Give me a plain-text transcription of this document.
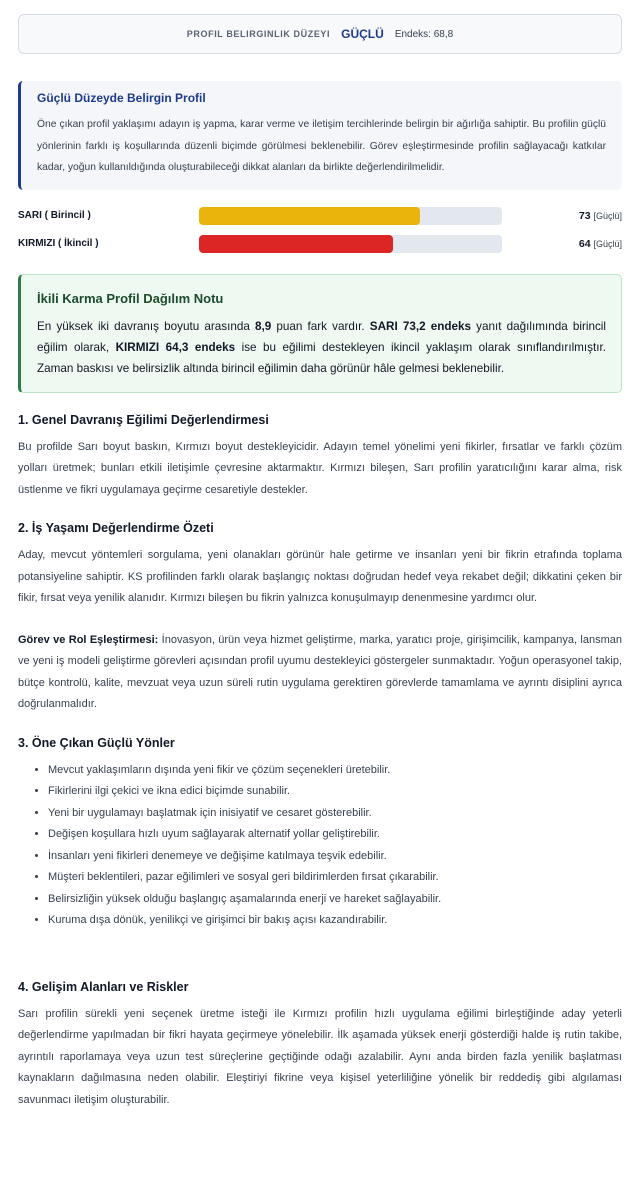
PROFIL BELIRGINLIK DÜZEYI GÜÇLÜ Endeks: 68,8
Güçlü Düzeyde Belirgin Profil

Öne çıkan profil yaklaşımı adayın iş yapma, karar verme ve iletişim tercihlerinde belirgin bir ağırlığa sahiptir. Bu profilin güçlü yönlerinin farklı iş koşullarında düzenli biçimde görülmesi beklenebilir. Görev eşleştirmesinde profilin sağlayacağı katkılar kadar, yoğun kullanıldığında oluşturabileceği dikkat alanları da birlikte değerlendirilmelidir.

SARI ( Birincil )	73 [Güçlü]
KIRMIZI ( İkincil )	64 [Güçlü]
İkili Karma Profil Dağılım Notu

En yüksek iki davranış boyutu arasında 8,9 puan fark vardır. SARI 73,2 endeks yanıt dağılımında birincil eğilim olarak, KIRMIZI 64,3 endeks ise bu eğilimi destekleyen ikincil yaklaşım olarak sınıflandırılmıştır. Zaman baskısı ve belirsizlik altında birincil eğilimin daha görünür hâle gelmesi beklenebilir.

1. Genel Davranış Eğilimi Değerlendirmesi

Bu profilde Sarı boyut baskın, Kırmızı boyut destekleyicidir. Adayın temel yönelimi yeni fikirler, fırsatlar ve farklı çözüm yolları üretmek; bunları etkili iletişimle çevresine aktarmaktır. Kırmızı bileşen, Sarı profilin yaratıcılığını karar alma, risk üstlenme ve fikri uygulamaya geçirme cesaretiyle destekler.

2. İş Yaşamı Değerlendirme Özeti

Aday, mevcut yöntemleri sorgulama, yeni olanakları görünür hale getirme ve insanları yeni bir fikrin etrafında toplama potansiyeline sahiptir. KS profilinden farklı olarak başlangıç noktası doğrudan hedef veya rekabet değil; dikkatini çeken bir fikir, fırsat veya yenilik alanıdır. Kırmızı bileşen bu fikrin yalnızca konuşulmayıp denenmesine yardımcı olur.

Görev ve Rol Eşleştirmesi: İnovasyon, ürün veya hizmet geliştirme, marka, yaratıcı proje, girişimcilik, kampanya, lansman ve yeni iş modeli geliştirme görevleri açısından profil uyumu destekleyici göstergeler sunmaktadır. Yoğun operasyonel takip, bütçe kontrolü, kalite, mevzuat veya uzun süreli rutin uygulama gerektiren görevlerde tamamlama ve ayrıntı disiplini ayrıca doğrulanmalıdır.

3. Öne Çıkan Güçlü Yönler
• Mevcut yaklaşımların dışında yeni fikir ve çözüm seçenekleri üretebilir.
• Fikirlerini ilgi çekici ve ikna edici biçimde sunabilir.
• Yeni bir uygulamayı başlatmak için inisiyatif ve cesaret gösterebilir.
• Değişen koşullara hızlı uyum sağlayarak alternatif yollar geliştirebilir.
• İnsanları yeni fikirleri denemeye ve değişime katılmaya teşvik edebilir.
• Müşteri beklentileri, pazar eğilimleri ve sosyal geri bildirimlerden fırsat çıkarabilir.
• Belirsizliğin yüksek olduğu başlangıç aşamalarında enerji ve hareket sağlayabilir.
• Kuruma dışa dönük, yenilikçi ve girişimci bir bakış açısı kazandırabilir.
4. Gelişim Alanları ve Riskler

Sarı profilin sürekli yeni seçenek üretme isteği ile Kırmızı profilin hızlı uygulama eğilimi birleştiğinde aday yeterli değerlendirme yapılmadan bir fikri hayata geçirmeye yönelebilir. İlk aşamada yüksek enerji gösterdiği halde iş rutin takibe, ayrıntılı raporlamaya veya uzun test süreçlerine geçtiğinde odağı azalabilir. Aynı anda birden fazla yenilik başlatması kaynakların dağılmasına neden olabilir. Eleştiriyi fikrine veya kişisel yeterliliğine yönelik bir reddediş gibi algılaması savunmacı iletişim oluşturabilir.
